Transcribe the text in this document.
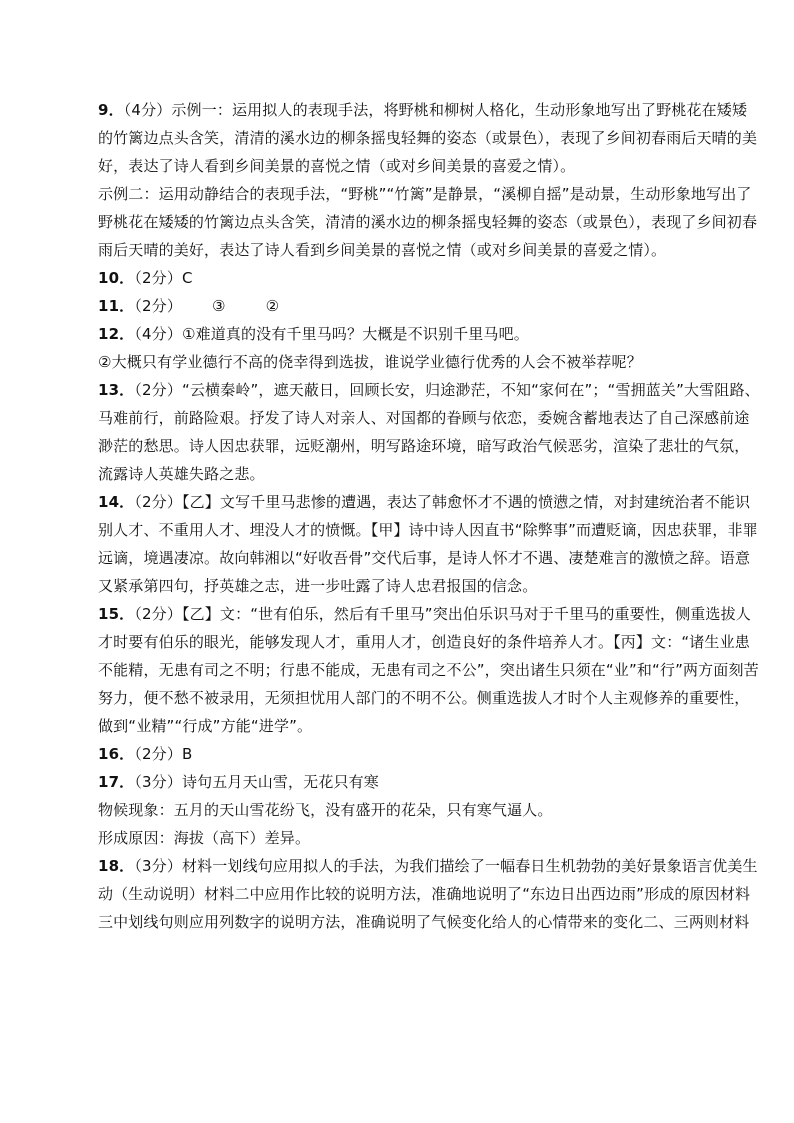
9．（4分）示例一：运用拟人的表现手法，将野桃和柳树人格化，生动形象地写出了野桃花在矮矮
的竹篱边点头含笑，清清的溪水边的柳条摇曳轻舞的姿态（或景色），表现了乡间初春雨后天晴的美
好，表达了诗人看到乡间美景的喜悦之情（或对乡间美景的喜爱之情）。
示例二：运用动静结合的表现手法，“野桃”“竹篱”是静景，“溪柳自摇”是动景，生动形象地写出了
野桃花在矮矮的竹篱边点头含笑，清清的溪水边的柳条摇曳轻舞的姿态（或景色），表现了乡间初春
雨后天晴的美好，表达了诗人看到乡间美景的喜悦之情（或对乡间美景的喜爱之情）。
10．（2分）C
11．（2分） ③	②
12．（4分）①难道真的没有千里马吗？大概是不识别千里马吧。
②大概只有学业德行不高的侥幸得到选拔，谁说学业德行优秀的人会不被举荐呢？
13．（2分）“云横秦岭”，遮天蔽日，回顾长安，归途渺茫，不知“家何在”；“雪拥蓝关”大雪阻路、
马难前行，前路险艰。抒发了诗人对亲人、对国都的眷顾与依恋，委婉含蓄地表达了自己深感前途
渺茫的愁思。诗人因忠获罪，远贬潮州，明写路途环境，暗写政治气候恶劣，渲染了悲壮的气氛，
流露诗人英雄失路之悲。
14．（2分）【乙】文写千里马悲惨的遭遇，表达了韩愈怀才不遇的愤懑之情，对封建统治者不能识
别人才、不重用人才、埋没人才的愤慨。【甲】诗中诗人因直书“除弊事”而遭贬谪，因忠获罪，非罪
远谪，境遇凄凉。故向韩湘以“好收吾骨”交代后事，是诗人怀才不遇、凄楚难言的激愤之辞。语意
又紧承第四句，抒英雄之志，进一步吐露了诗人忠君报国的信念。
15．（2分）【乙】文：“世有伯乐，然后有千里马”突出伯乐识马对于千里马的重要性，侧重选拔人
才时要有伯乐的眼光，能够发现人才，重用人才，创造良好的条件培养人才。【丙】文：“诸生业患
不能精，无患有司之不明；行患不能成，无患有司之不公”，突出诸生只须在“业”和“行”两方面刻苦
努力，便不愁不被录用，无须担忧用人部门的不明不公。侧重选拔人才时个人主观修养的重要性，
做到“业精”“行成”方能“进学”。
16．（2分）B
17．（3分）诗句五月天山雪，无花只有寒
物候现象：五月的天山雪花纷飞，没有盛开的花朵，只有寒气逼人。
形成原因：海拔（高下）差异。
18．（3分）材料一划线句应用拟人的手法，为我们描绘了一幅春日生机勃勃的美好景象语言优美生
动（生动说明）材料二中应用作比较的说明方法，准确地说明了“东边日出西边雨”形成的原因材料
三中划线句则应用列数字的说明方法，准确说明了气候变化给人的心情带来的变化二、三两则材料
